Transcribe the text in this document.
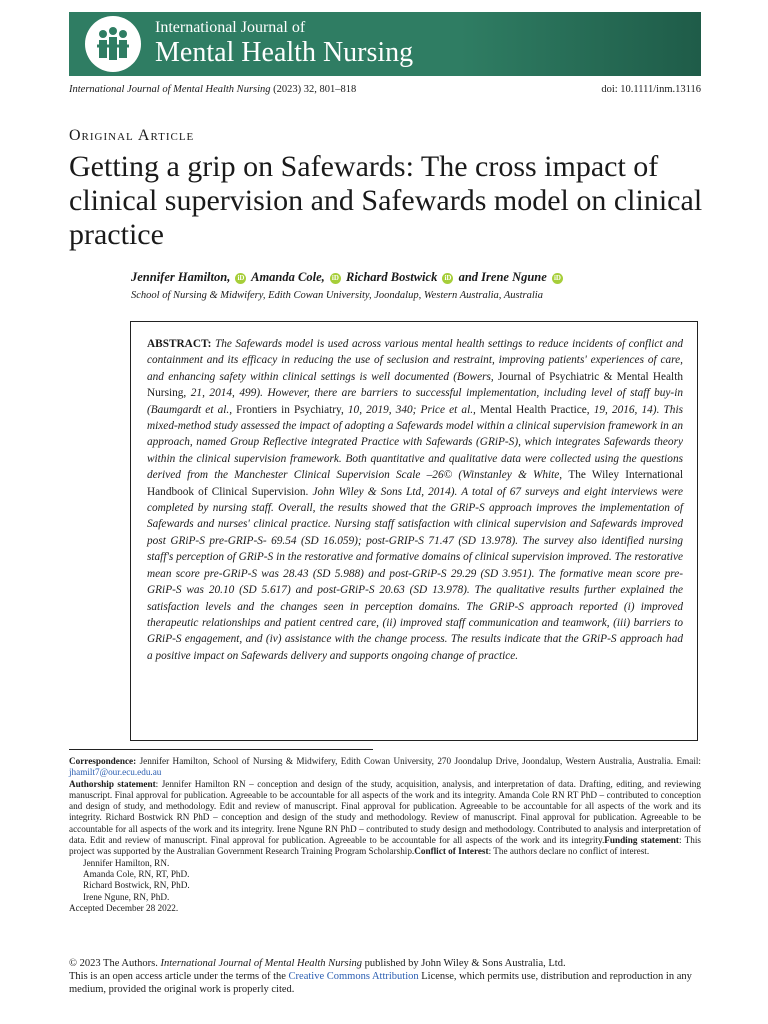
International Journal of
Mental Health Nursing
International Journal of Mental Health Nursing (2023) 32, 801–818	doi: 10.1111/inm.13116
Original Article
Getting a grip on Safewards: The cross impact of clinical supervision and Safewards model on clinical practice
Jennifer Hamilton, iD Amanda Cole, iD Richard Bostwick iD and Irene Ngune iD
School of Nursing & Midwifery, Edith Cowan University, Joondalup, Western Australia, Australia
ABSTRACT: The Safewards model is used across various mental health settings to reduce incidents of conflict and containment and its efficacy in reducing the use of seclusion and restraint, improving patients' experiences of care, and enhancing safety within clinical settings is well documented (Bowers, Journal of Psychiatric & Mental Health Nursing, 21, 2014, 499). However, there are barriers to successful implementation, including level of staff buy-in (Baumgardt et al., Frontiers in Psychiatry, 10, 2019, 340; Price et al., Mental Health Practice, 19, 2016, 14). This mixed-method study assessed the impact of adopting a Safewards model within a clinical supervision framework in an approach, named Group Reflective integrated Practice with Safewards (GRiP-S), which integrates Safewards theory within the clinical supervision framework. Both quantitative and qualitative data were collected using the questions derived from the Manchester Clinical Supervision Scale –26© (Winstanley & White, The Wiley International Handbook of Clinical Supervision. John Wiley & Sons Ltd, 2014). A total of 67 surveys and eight interviews were completed by nursing staff. Overall, the results showed that the GRiP-S approach improves the implementation of Safewards and nurses' clinical practice. Nursing staff satisfaction with clinical supervision and Safewards improved post GRiP-S pre-GRIP-S- 69.54 (SD 16.059); post-GRIP-S 71.47 (SD 13.978). The survey also identified nursing staff's perception of GRiP-S in the restorative and formative domains of clinical supervision improved. The restorative mean score pre-GRiP-S was 28.43 (SD 5.988) and post-GRiP-S 29.29 (SD 3.951). The formative mean score pre-GRiP-S was 20.10 (SD 5.617) and post-GRiP-S 20.63 (SD 13.978). The qualitative results further explained the satisfaction levels and the changes seen in perception domains. The GRiP-S approach reported (i) improved therapeutic relationships and patient centred care, (ii) improved staff communication and teamwork, (iii) barriers to GRiP-S engagement, and (iv) assistance with the change process. The results indicate that the GRiP-S approach had a positive impact on Safewards delivery and supports ongoing change of practice.
Correspondence: Jennifer Hamilton, School of Nursing & Midwifery, Edith Cowan University, 270 Joondalup Drive, Joondalup, Western Australia, Australia. Email: jhamilt7@our.ecu.edu.au
Authorship statement: Jennifer Hamilton RN – conception and design of the study, acquisition, analysis, and interpretation of data. Drafting, editing, and reviewing manuscript. Final approval for publication. Agreeable to be accountable for all aspects of the work and its integrity. Amanda Cole RN RT PhD – contributed to conception and design of study, and methodology. Edit and review of manuscript. Final approval for publication. Agreeable to be accountable for all aspects of the work and its integrity. Richard Bostwick RN PhD – conception and design of the study and methodology. Review of manuscript. Final approval for publication. Agreeable to be accountable for all aspects of the work and its integrity. Irene Ngune RN PhD – contributed to study design and methodology. Contributed to analysis and interpretation of data. Edit and review of manuscript. Final approval for publication. Agreeable to be accountable for all aspects of the work and its integrity.Funding statement: This project was supported by the Australian Government Research Training Program Scholarship.Conflict of Interest: The authors declare no conflict of interest.
Jennifer Hamilton, RN.
Amanda Cole, RN, RT, PhD.
Richard Bostwick, RN, PhD.
Irene Ngune, RN, PhD.
Accepted December 28 2022.
© 2023 The Authors. International Journal of Mental Health Nursing published by John Wiley & Sons Australia, Ltd.
This is an open access article under the terms of the Creative Commons Attribution License, which permits use, distribution and reproduction in any medium, provided the original work is properly cited.
